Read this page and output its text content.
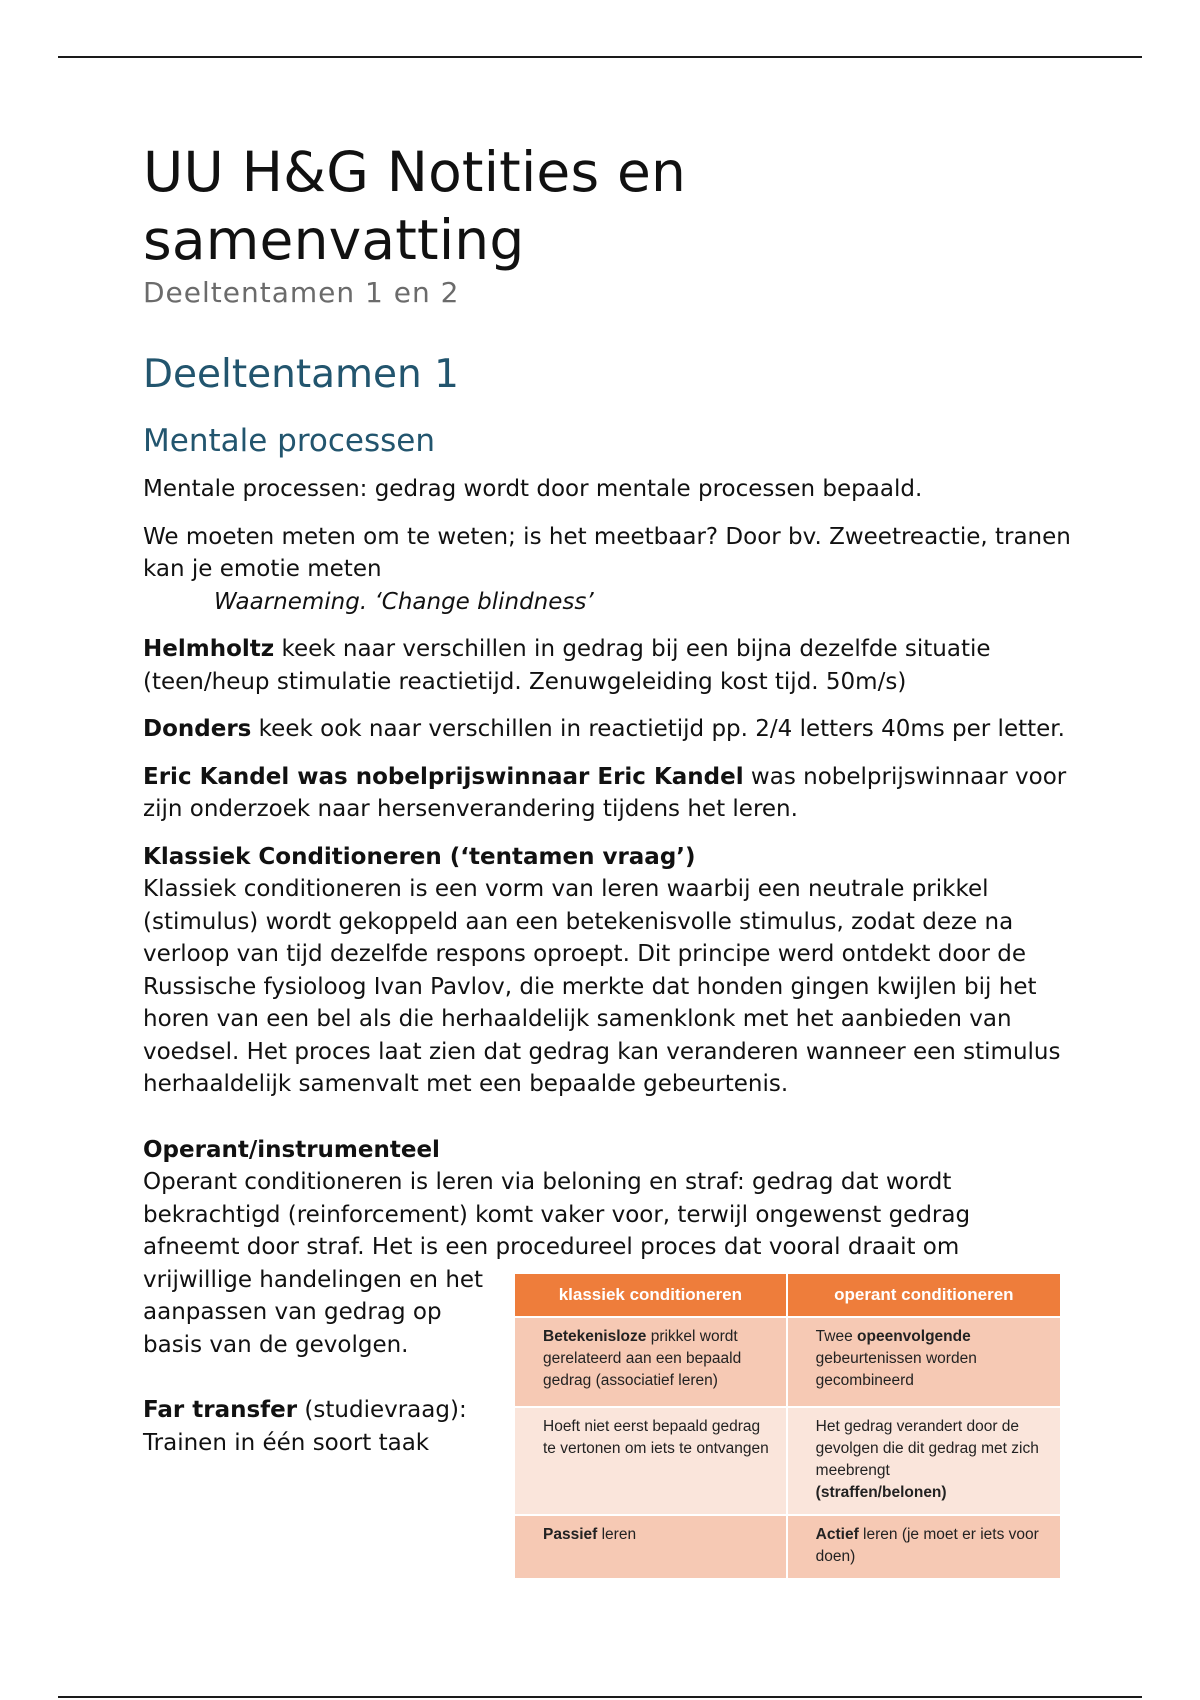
UU H&G Notities en
samenvatting
Deeltentamen 1 en 2
Deeltentamen 1
Mentale processen

Mentale processen: gedrag wordt door mentale processen bepaald.

We moeten meten om te weten; is het meetbaar? Door bv. Zweetreactie, tranen kan je emotie meten

Waarneming. ‘Change blindness’

Helmholtz keek naar verschillen in gedrag bij een bijna dezelfde situatie (teen/heup stimulatie reactietijd. Zenuwgeleiding kost tijd. 50m/s)

Donders keek ook naar verschillen in reactietijd pp. 2/4 letters 40ms per letter.

Eric Kandel was nobelprijswinnaar Eric Kandel was nobelprijswinnaar voor zijn onderzoek naar hersenverandering tijdens het leren.

Klassiek Conditioneren (‘tentamen vraag’)

Klassiek conditioneren is een vorm van leren waarbij een neutrale prikkel (stimulus) wordt gekoppeld aan een betekenisvolle stimulus, zodat deze na verloop van tijd dezelfde respons oproept. Dit principe werd ontdekt door de Russische fysioloog Ivan Pavlov, die merkte dat honden gingen kwijlen bij het horen van een bel als die herhaaldelijk samenklonk met het aanbieden van voedsel. Het proces laat zien dat gedrag kan veranderen wanneer een stimulus herhaaldelijk samenvalt met een bepaalde gebeurtenis.

Operant/instrumenteel

Operant conditioneren is leren via beloning en straf: gedrag dat wordt bekrachtigd (reinforcement) komt vaker voor, terwijl ongewenst gedrag afneemt door straf. Het is een procedureel proces dat vooral draait om

vrijwillige handelingen en het aanpassen van gedrag op basis van de gevolgen.

Far transfer (studievraag): Trainen in één soort taak

klassiek conditioneren	operant conditioneren
Betekenisloze prikkel wordt gerelateerd aan een bepaald gedrag (associatief leren)	Twee opeenvolgende gebeurtenissen worden gecombineerd
Hoeft niet eerst bepaald gedrag te vertonen om iets te ontvangen	Het gedrag verandert door de gevolgen die dit gedrag met zich meebrengt
(straffen/belonen)
Passief leren	Actief leren (je moet er iets voor doen)
